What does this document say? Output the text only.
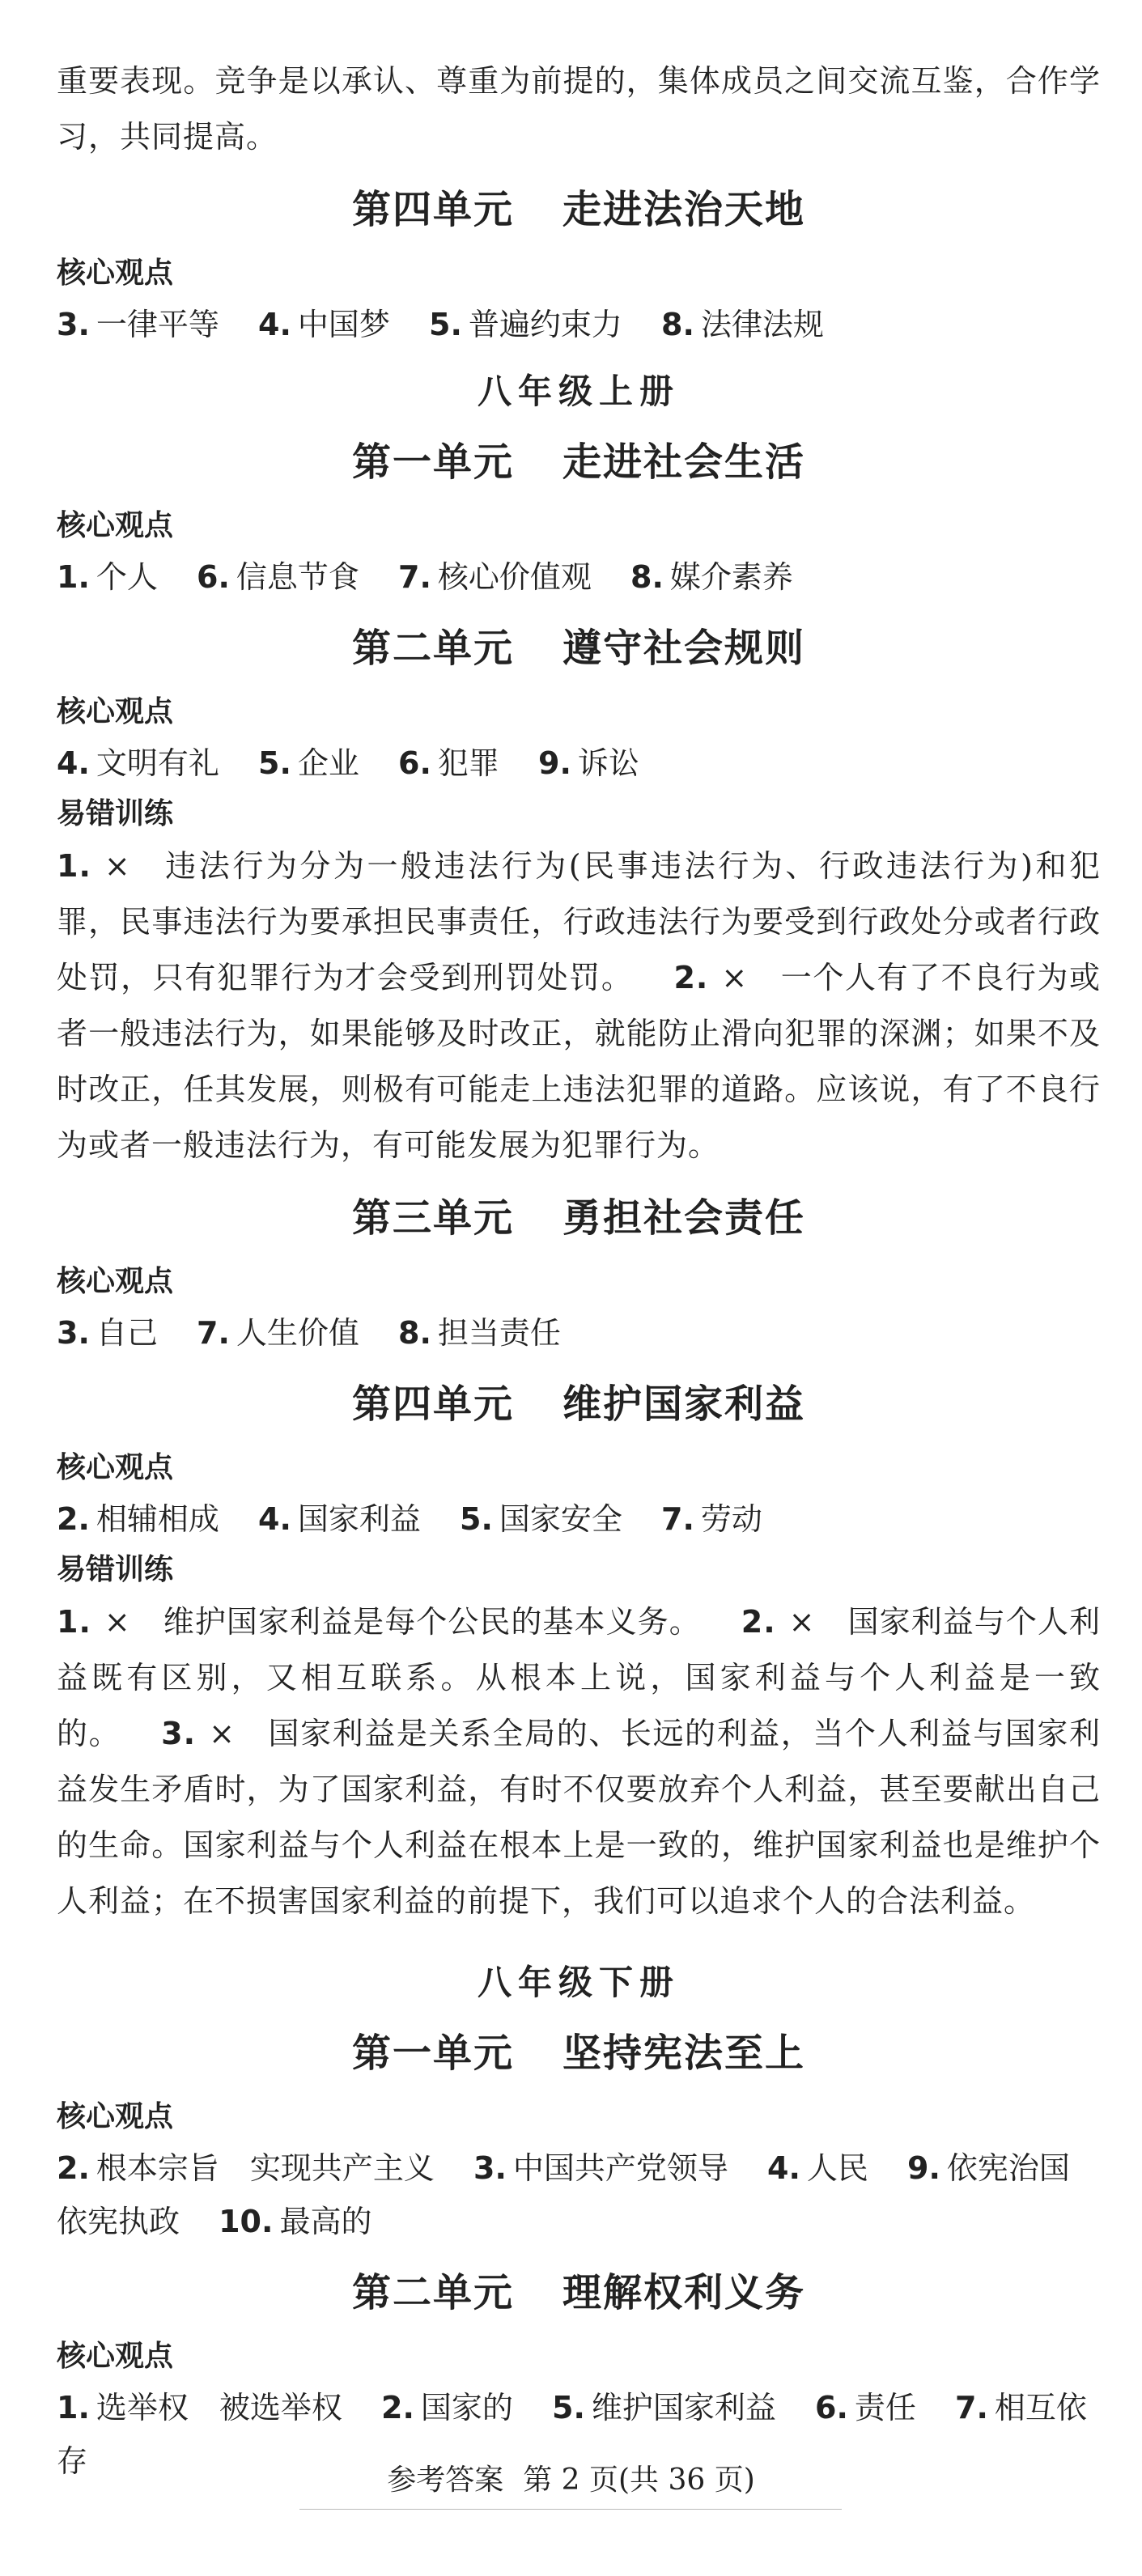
重要表现。竞争是以承认、尊重为前提的，集体成员之间交流互鉴，合作学习，共同提高。

第四单元 走进法治天地

核心观点

3. 一律平等 4. 中国梦 5. 普遍约束力 8. 法律法规

八年级上册
第一单元 走进社会生活

核心观点

1. 个人 6. 信息节食 7. 核心价值观 8. 媒介素养

第二单元 遵守社会规则

核心观点

4. 文明有礼 5. 企业 6. 犯罪 9. 诉讼

易错训练

1. × 违法行为分为一般违法行为(民事违法行为、行政违法行为)和犯罪，民事违法行为要承担民事责任，行政违法行为要受到行政处分或者行政处罚，只有犯罪行为才会受到刑罚处罚。 2. × 一个人有了不良行为或者一般违法行为，如果能够及时改正，就能防止滑向犯罪的深渊；如果不及时改正，任其发展，则极有可能走上违法犯罪的道路。应该说，有了不良行为或者一般违法行为，有可能发展为犯罪行为。

第三单元 勇担社会责任

核心观点

3. 自己 7. 人生价值 8. 担当责任

第四单元 维护国家利益

核心观点

2. 相辅相成 4. 国家利益 5. 国家安全 7. 劳动

易错训练

1. × 维护国家利益是每个公民的基本义务。 2. × 国家利益与个人利益既有区别，又相互联系。从根本上说，国家利益与个人利益是一致的。 3. × 国家利益是关系全局的、长远的利益，当个人利益与国家利益发生矛盾时，为了国家利益，有时不仅要放弃个人利益，甚至要献出自己的生命。国家利益与个人利益在根本上是一致的，维护国家利益也是维护个人利益；在不损害国家利益的前提下，我们可以追求个人的合法利益。

八年级下册
第一单元 坚持宪法至上

核心观点

2. 根本宗旨　实现共产主义 3. 中国共产党领导 4. 人民 9. 依宪治国　依宪执政 10. 最高的

第二单元 理解权利义务

核心观点

1. 选举权　被选举权 2. 国家的 5. 维护国家利益 6. 责任 7. 相互依存

参考答案 第 2 页(共 36 页)
